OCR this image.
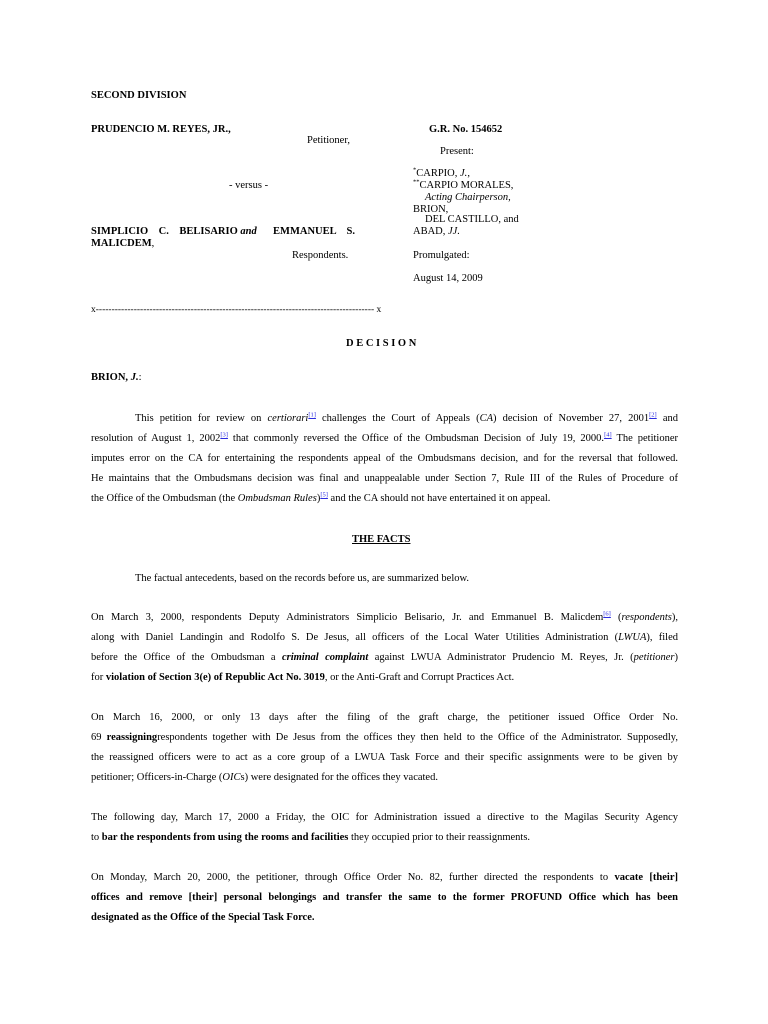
SECOND DIVISION
PRUDENCIO M. REYES, JR.,
Petitioner,
G.R. No. 154652
Present:
*CARPIO, J.,
**CARPIO MORALES,
Acting Chairperson,
BRION,
DEL CASTILLO, and
ABAD, JJ.
- versus -
SIMPLICIO    C.    BELISARIO and EMMANUEL    S.
MALICDEM,
Respondents.	Promulgated:
August 14, 2009
x---------------------------------------------------------------------------------------- x
D E C I S I O N
BRION, J.:
This petition for review on certiorari[1] challenges the Court of Appeals (CA) decision of November 27, 2001[2] and
resolution of August 1, 2002[3] that commonly reversed the Office of the Ombudsman Decision of July 19, 2000.[4] The petitioner
imputes error on the CA for entertaining the respondents appeal of the Ombudsmans decision, and for the reversal that followed.
He maintains that the Ombudsmans decision was final and unappealable under Section 7, Rule III of the Rules of Procedure of
the Office of the Ombudsman (the Ombudsman Rules)[5] and the CA should not have entertained it on appeal.
THE FACTS
The factual antecedents, based on the records before us, are summarized below.
On March 3, 2000, respondents Deputy Administrators Simplicio Belisario, Jr. and Emmanuel B. Malicdem[6] (respondents),
along with Daniel Landingin and Rodolfo S. De Jesus, all officers of the Local Water Utilities Administration (LWUA), filed
before the Office of the Ombudsman a criminal complaint against LWUA Administrator Prudencio M. Reyes, Jr. (petitioner)
for violation of Section 3(e) of Republic Act No. 3019, or the Anti-Graft and Corrupt Practices Act.
On March 16, 2000, or only 13 days after the filing of the graft charge, the petitioner issued Office Order No.
69 reassigningrespondents together with De Jesus from the offices they then held to the Office of the Administrator. Supposedly,
the reassigned officers were to act as a core group of a LWUA Task Force and their specific assignments were to be given by
petitioner; Officers-in-Charge (OICs) were designated for the offices they vacated.
The following day, March 17, 2000 a Friday, the OIC for Administration issued a directive to the Magilas Security Agency
to bar the respondents from using the rooms and facilities they occupied prior to their reassignments.
On Monday, March 20, 2000, the petitioner, through Office Order No. 82, further directed the respondents to vacate [their]
offices and remove [their] personal belongings and transfer the same to the former PROFUND Office which has been
designated as the Office of the Special Task Force.
